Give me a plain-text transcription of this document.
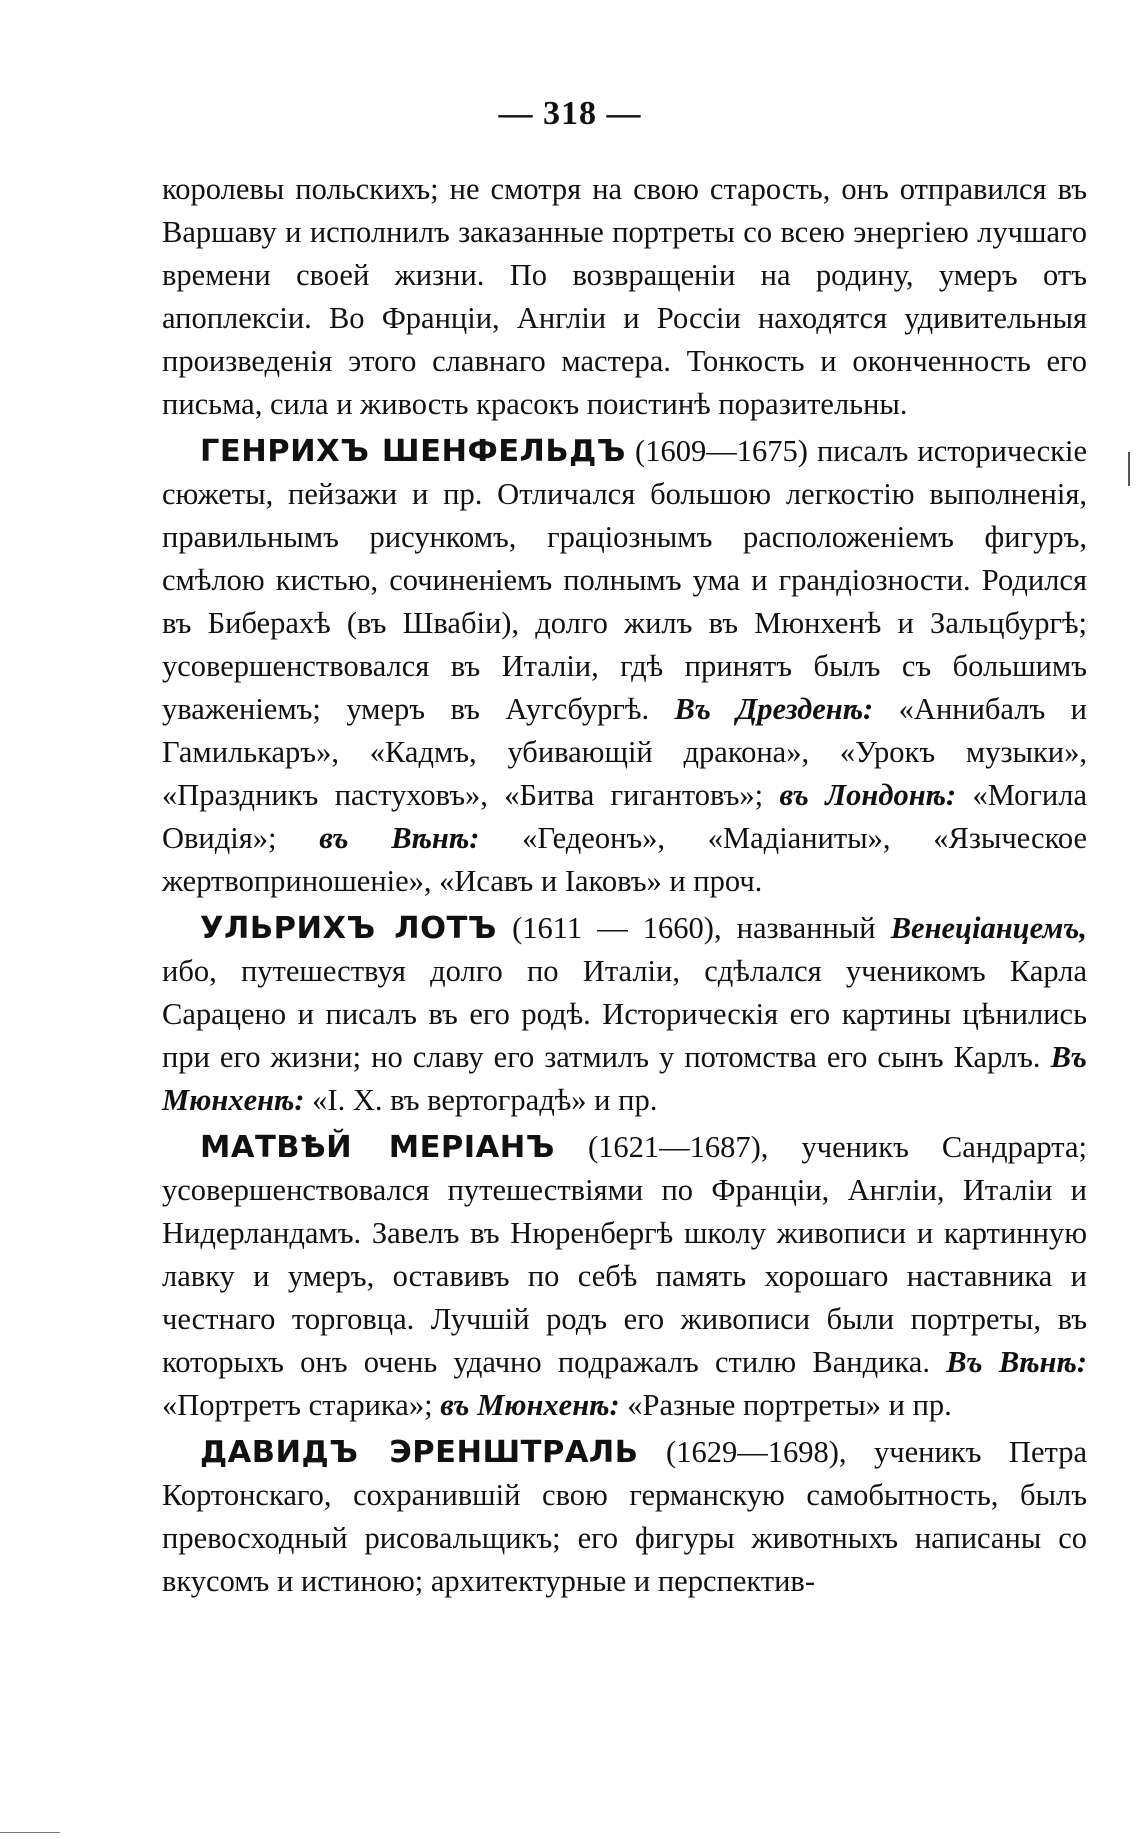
— 318 —

королевы польскихъ; не смотря на свою старость, онъ отправился въ Варшаву и исполнилъ заказанные портреты со всею энергіею лучшаго времени своей жизни. По возвращеніи на родину, умеръ отъ апоплексіи. Во Франціи, Англіи и Россіи находятся удивительныя произведенія этого славнаго мастера. Тонкость и оконченность его письма, сила и живость красокъ поистинѣ поразительны.

ГЕНРИХЪ ШЕНФЕЛЬДЪ (1609—1675) писалъ историческіе сюжеты, пейзажи и пр. Отличался большою легкостію выполненія, правильнымъ рисункомъ, граціознымъ расположеніемъ фигуръ, смѣлою кистью, сочиненіемъ полнымъ ума и грандіозности. Родился въ Биберахѣ (въ Швабіи), долго жилъ въ Мюнхенѣ и Зальцбургѣ; усовершенствовался въ Италіи, гдѣ принятъ былъ съ большимъ уваженіемъ; умеръ въ Аугсбургѣ. Въ Дрезденѣ: «Аннибалъ и Гамилькаръ», «Кадмъ, убивающій дракона», «Урокъ музыки», «Праздникъ пастуховъ», «Битва гигантовъ»; въ Лондонѣ: «Могила Овидія»; въ Вѣнѣ: «Гедеонъ», «Мадіаниты», «Языческое жертвоприношеніе», «Исавъ и Іаковъ» и проч.

УЛЬРИХЪ ЛОТЪ (1611 — 1660), названный Венеціанцемъ, ибо, путешествуя долго по Италіи, сдѣлался ученикомъ Карла Сараценo и писалъ въ его родѣ. Историческія его картины цѣнились при его жизни; но славу его затмилъ у потомства его сынъ Карлъ. Въ Мюнхенѣ: «І. X. въ вертоградѣ» и пр.

МАТВѢЙ МЕРІАНЪ (1621—1687), ученикъ Сандрарта; усовершенствовался путешествіями по Франціи, Англіи, Италіи и Нидерландамъ. Завелъ въ Нюренбергѣ школу живописи и картинную лавку и умеръ, оставивъ по себѣ память хорошаго наставника и честнаго торговца. Лучшій родъ его живописи были портреты, въ которыхъ онъ очень удачно подражалъ стилю Вандика. Въ Вѣнѣ: «Портретъ старика»; въ Мюнхенѣ: «Разные портреты» и пр.

ДАВИДЪ ЭРЕНШТРАЛЬ (1629—1698), ученикъ Петра Кортонскаго, сохранившій свою германскую самобытность, былъ превосходный рисовальщикъ; его фигуры животныхъ написаны со вкусомъ и истиною; архитектурные и перспектив-
